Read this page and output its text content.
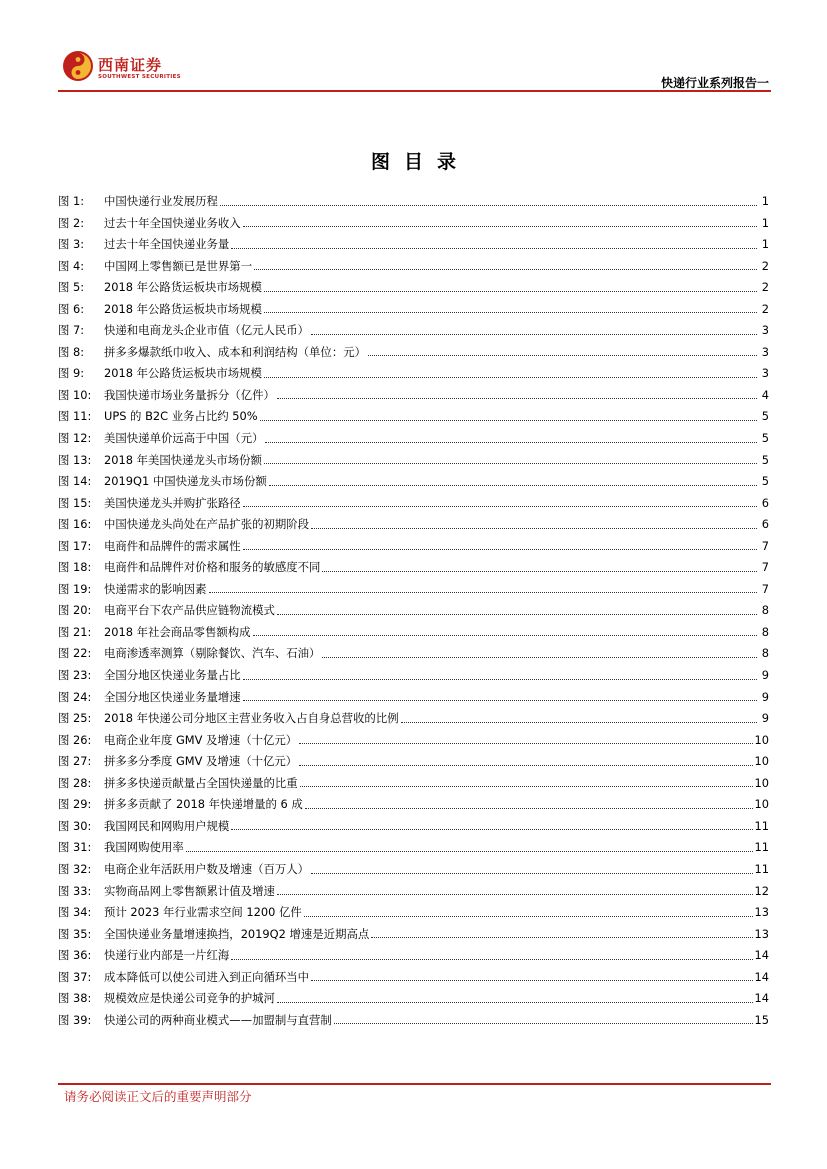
西南证券
SOUTHWEST SECURITIES	快递行业系列报告一
图目录
图 1:	中国快递行业发展历程	1
图 2:	过去十年全国快递业务收入	1
图 3:	过去十年全国快递业务量	1
图 4:	中国网上零售额已是世界第一	2
图 5:	2018 年公路货运板块市场规模	2
图 6:	2018 年公路货运板块市场规模	2
图 7:	快递和电商龙头企业市值（亿元人民币）	3
图 8:	拼多多爆款纸巾收入、成本和利润结构（单位：元）	3
图 9:	2018 年公路货运板块市场规模	3
图 10:	我国快递市场业务量拆分（亿件）	4
图 11:	UPS 的 B2C 业务占比约 50%	5
图 12:	美国快递单价远高于中国（元）	5
图 13:	2018 年美国快递龙头市场份额	5
图 14:	2019Q1 中国快递龙头市场份额	5
图 15:	美国快递龙头并购扩张路径	6
图 16:	中国快递龙头尚处在产品扩张的初期阶段	6
图 17:	电商件和品牌件的需求属性	7
图 18:	电商件和品牌件对价格和服务的敏感度不同	7
图 19:	快递需求的影响因素	7
图 20:	电商平台下农产品供应链物流模式	8
图 21:	2018 年社会商品零售额构成	8
图 22:	电商渗透率测算（剔除餐饮、汽车、石油）	8
图 23:	全国分地区快递业务量占比	9
图 24:	全国分地区快递业务量增速	9
图 25:	2018 年快递公司分地区主营业务收入占自身总营收的比例	9
图 26:	电商企业年度 GMV 及增速（十亿元）	10
图 27:	拼多多分季度 GMV 及增速（十亿元）	10
图 28:	拼多多快递贡献量占全国快递量的比重	10
图 29:	拼多多贡献了 2018 年快递增量的 6 成	10
图 30:	我国网民和网购用户规模	11
图 31:	我国网购使用率	11
图 32:	电商企业年活跃用户数及增速（百万人）	11
图 33:	实物商品网上零售额累计值及增速	12
图 34:	预计 2023 年行业需求空间 1200 亿件	13
图 35:	全国快递业务量增速换挡，2019Q2 增速是近期高点	13
图 36:	快递行业内部是一片红海	14
图 37:	成本降低可以使公司进入到正向循环当中	14
图 38:	规模效应是快递公司竞争的护城河	14
图 39:	快递公司的两种商业模式——加盟制与直营制	15
请务必阅读正文后的重要声明部分
